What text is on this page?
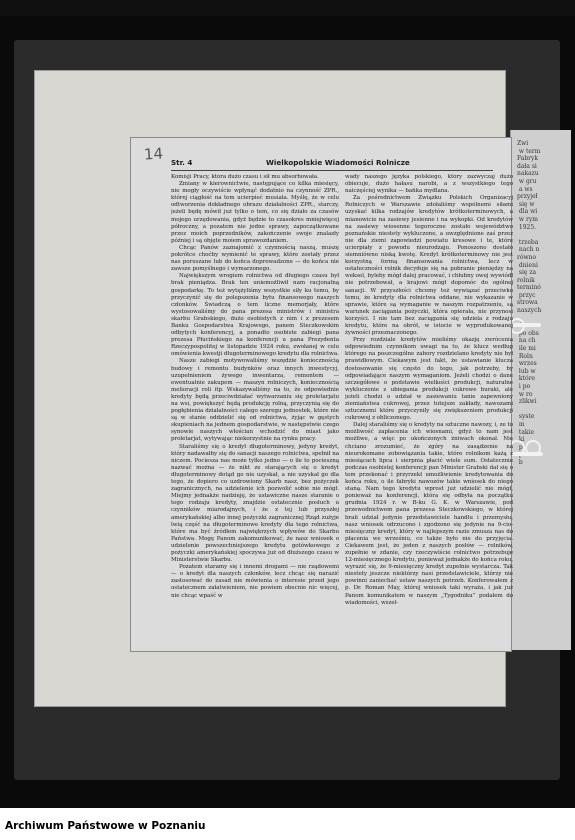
Zwi
w term
Fabryk
dała si
nakazu
w gru
a ws
przyjeł
się w
dla wi
w rym
1925.

trzeba
nach n
równo
dnieni
się za
rolnik
terminó
przyc
strowa
naszych

po obs
na ch
ile mi
Roln
wrzes
lub w
które
i po
w ro
zlikwi

syste
m
takie
ki
po

b
14 Str. 4	Wielkopolskie Wiadomości Rolnicze

Komisji Pracy, która dużo czasu i sił mu absorbowała.

Zmiany w kierownictwie, następujące co kilka miesięcy, nie mogły oczywiście wpłynąć dodatnio na czynność ZPR., której ciągłość na tem ucierpieć musiała. Myślę, że w celu odtworzenia dokładnego obrazu działalności ZPR., starczy, jeżeli będę mówił już tylko o tem, co się działo za czasów mojego urzędowania, gdyż będzie to czasokres mniejwięcej półroczny, a pozatem nie jedne sprawy, zapoczątkowane przez moich poprzedników, zakończenie swoje znalazły później i są objęte moiem sprawozdaniem.

Chcąc Panów zaznajomić z czynnością naszą, muszę pokrótce choćby wymienić te sprawy, które zostały przez nas poruszane lub do końca doprowadzone — do końca nie zawsze pomyślnego i wymarzonego.

Największym wrogiem rolnictwa od długiego czasu był brak pieniądza. Brak ten uniemożliwił nam racjonalną gospodarkę. To też wytężyliśmy wszystkie siły ku temu, by przyczynić się do polepszenia bytu finansowego naszych członków. Świadczą o tem liczne memorjały, które wystosowaliśmy do pana prezesa ministrów i ministra skarbu Grabskiego, dużo osobistych z nim i z prezesem Banku Gospodarstwa Krajowego, panem Steczkowskim odbytych konferencyj, a ponadto osobiste zabiegi pana prezesa Płucińskiego na konferencji u pana Prezydenta Rzeczypospolitej w listopadzie 1924 roku, zwołanej w celu omówienia kwestji długoterminowego kredytu dla rolnictwa.

Nasze zabiegi motywowaliśmy wszędzie koniecznością budowy i remontu budynków oraz innych inwestycyj, uzupełnieniem żywego inwentarza, remontem — ewentualnie zakupem — maszyn rolniczych, koniecznością melioracji roli itp. Wskazywaliśmy na to, że odpowiednie kredyty będą przeciwdziałać wytwarzaniu się proletarjatu na wsi, powiększyć będą produkcję rolną, przyczynią się do pogłębienia działalności całego szeregu jednostek, które nie są w stanie oddzielić się od rolnictwa, żyjąc w gęstych skupieniach na jednem gospodarstwie, w następstwie czego synowie naszych włościan wchodzić do miast jako proletarjat, wytywając niekorzystnie na rynku pracy.

Staraliśmy się o kredyt długoterminowy, jedyny kredyt, który nadawałby się do sanacji naszego rolnictwa, spełnił na niczem. Pociesza nas może tylko jedno — o ile to pocieszną nazwać można — że nikt ze starających się o kredyt długoterminowy dotąd go nie uzyskał, a nie uzyskał go dla tego, że dopiero co uzdrowiony Skarb nasz, bez pożyczek zagranicznych, na udzielenie ich pozwolić sobie nie mógł. Miejmy jednakże nadzieję, że ustawiczne nasze staranie o tego rodzaju kredyty, znajdzie ostatecznie posłuch u czynników miarodajnych, i że z tej lub przyszłej amerykańskiej albo innej pożyczki zagranicznej Rząd zużyje lwią część na długoterminowe kredyty dla tego rolnictwa, które ma być źródłem najwiękrzych wpływów do Skarbu Państwa. Mogę Panom zakomunikować, że nasz wniosek o udzielenie powszechniejszego kredytu gotówkowego z pożyczki amerykańskiej spoczywa już od dłuższego czasu w Ministerstwie Skarbu.

Pozatem staramy się i innemi drogami — nie rządowemi — o kredyt dla naszych członków, lecz chcąc się narazić zastosować do zasad nie mówienia o interesie przed jego ostatecznem załatwieniem, nie powiem obecnie nic więcej, nie chcąc wpaść w

wady naszego języka polskiego, który zazwyczaj dużo obiecuje, dużo hałasu narobi, a z wszystkiego tego naiczęściej wynika — bańka mydlana.

Za pośrednictwem Związku Polskich Organizacyj Rolniczych w Warszawie zdołaliśmy wspólnemi siłami uzyskać kilka rodzajów kredytów krótkoterminowych, a mianowicie na zasiewy jesienne i na wykopki. Od kredytów na zasiewy wiosenne tegoroczne zostało województwo poznańskie niestety wykluczone, a uwzględnione zaś przez nie dla ziemi zapowiedzi powiatu kresowe i te, które ucierpiały z powodu nieurodzaju. Ponoszono dostało siemniówno niską kwotę. Kredyt krótkoterminowy nie jest korzystną formą finansowania rolnictwa, lecz w ostateczności rolnik decyduje się na pobranie pieniędzy na weksel, byleby mógł dalej pracować, i chłubny owej wywiódł nie potrzebował, a krajowi mógł dopomóc do ogólnej sanacji. W przyszłości chcemy też wywiązać przeciwko temu, że kredyty dla rolnictwa oddane, nie wykazanie w sprawie, które są wymaganie w naszym rozpatrzeniu, są warunek zaciągania pożyczki, która opierała, nie przynosi korzyści. I nie tam bez zaciągania się udziela z rodzaju kredytu, które na obrót, w istocie w wyprodukowanej żywności przeznaczonego.

Przy rozdziale kredytów mieliśmy okazję zwrócenia odpowiednim czynnikom uwagi na to, że klucz według którego na poszczególne zabory rozdzielano kredyty nie był prawidłowym. Ciekawym jest fakt, że ustawianie klucza dostosowanie się często do tego, jak potrzeby, by odpowiadające naszym wymaganiom. Jeżeli chodzi o dane szczegółowe o podstawie wielkości produkcji, naturalne wykluczenie z ubiegania produkcji cukrowe buraki, ale jeżeli chodzi o udział w zasiewaniu tanie zapewniony ziemiaństwa cukrowej, przez tutejsze zakłady, nawozami sztucznemi które przyczyniły się zwiększeniem produkcji cukrowej z obliczonego.

Dalej staraliśmy się o kredyty na sztuczne nawozy, i, ze to możliwość zapłacenia ich wiosnami, gdyż to nam jest możliwe, a więc po ukończonych żniwach okonał. Nie chciano zrozumieć, że zgóry na zasądzenie na nieurokomane zobowiązania takie, które rolnikom każą z miesiącach lipca i sierpnia płacić wiele sum. Ostatecznie podczas osobistej konferencji pan Minister Grabski dał się o tem przekonać i przyrzekł umożliwienie kredytowania do końca roku, o ile fabryki nawozów takie wniosek do niego staną. Nam tego kredytu wprost już udzielić nie mógł, ponieważ na konferencji, która się odbyła na początku grudnia 1924 r. w B-ku G. K. w Warszawie, pod przewodnictwem pana prezesa Steczkowskiego, w której brali udział jedynie przedstawiciele handlu i przemysłu, nasz wniosek odrzucono i zgodzono się jedynie na 9-cio-miesięczny kredyt, który w najlepszym razie zmusza nas do płacenia we wrześniu, co także było nie do przyjęcia. Ciekawem jest, że jeden z naszych posłów — rolników, zupełnie w zdanie, czy rzeczywiście rolnictwo potrzebuje 12-miesięcznego kredytu, ponieważ jednakże do końca roku, wyrazić się, że 9-miesięczny kredyt zupełnie wystarcza. Tak niestety jeszcze niektórzy nasi przedstawiciele, którzy nie powinni zaniechać ustaw naszych potrzeb. Konferowałem z p. Dr. Roman May, której wniosek taki wyraża, i jak już Panom komunikatem w naszym „Tygodniku” podałem do wiadomości, wszel-

Archiwum Państwowe w Poznaniu
